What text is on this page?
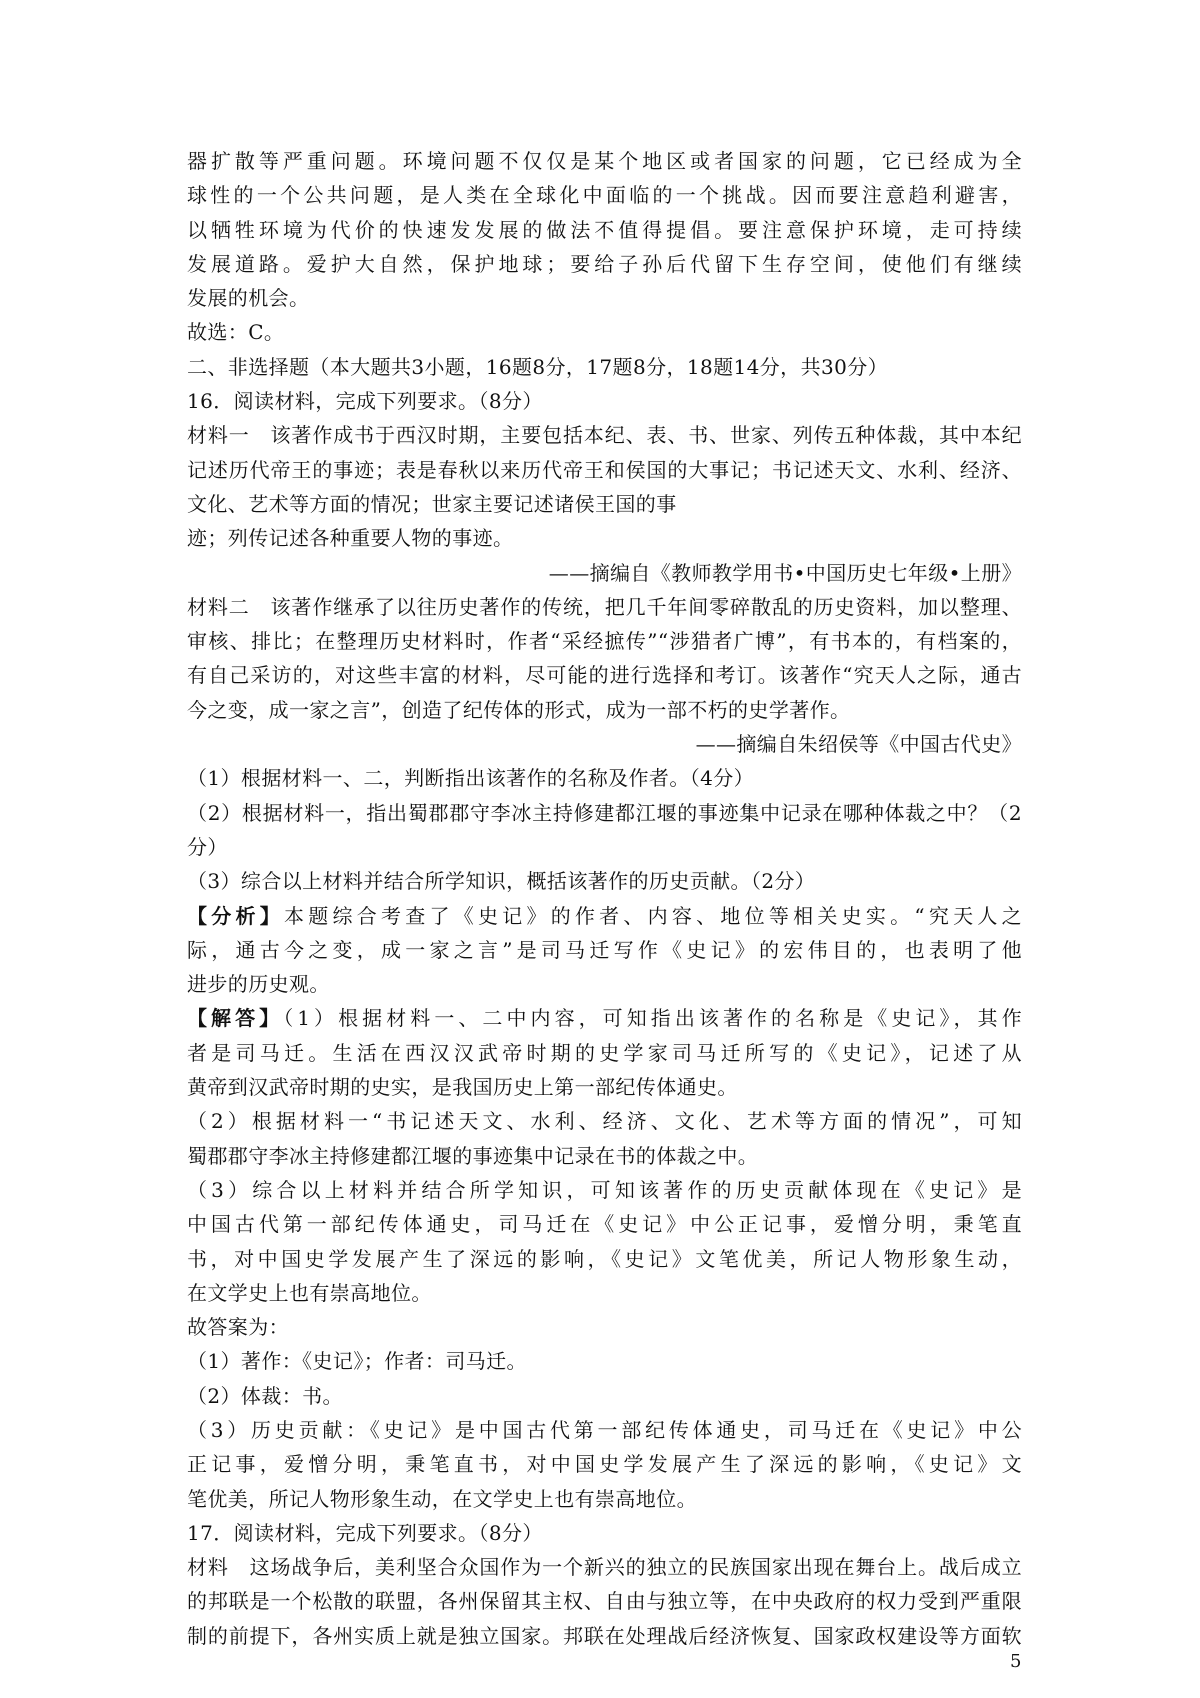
器扩散等严重问题。环境问题不仅仅是某个地区或者国家的问题，它已经成为全
球性的一个公共问题，是人类在全球化中面临的一个挑战。因而要注意趋利避害，
以牺牲环境为代价的快速发发展的做法不值得提倡。要注意保护环境，走可持续
发展道路。爱护大自然，保护地球；要给子孙后代留下生存空间，使他们有继续
发展的机会。
故选：C。
二、非选择题（本大题共3小题，16题8分，17题8分，18题14分，共30分）
16．阅读材料，完成下列要求。（8分）
材料一　该著作成书于西汉时期，主要包括本纪、表、书、世家、列传五种体裁，其中本纪
记述历代帝王的事迹；表是春秋以来历代帝王和侯国的大事记；书记述天文、水利、经济、
文化、艺术等方面的情况；世家主要记述诸侯王国的事
迹；列传记述各种重要人物的事迹。
——摘编自《教师教学用书•中国历史七年级•上册》
材料二　该著作继承了以往历史著作的传统，把几千年间零碎散乱的历史资料，加以整理、
审核、排比；在整理历史材料时，作者“采经摭传”“涉猎者广博”，有书本的，有档案的，
有自己采访的，对这些丰富的材料，尽可能的进行选择和考订。该著作“究天人之际，通古
今之变，成一家之言”，创造了纪传体的形式，成为一部不朽的史学著作。
——摘编自朱绍侯等《中国古代史》
（1）根据材料一、二，判断指出该著作的名称及作者。（4分）
（2）根据材料一，指出蜀郡郡守李冰主持修建都江堰的事迹集中记录在哪种体裁之中？（2
分）
（3）综合以上材料并结合所学知识，概括该著作的历史贡献。（2分）
【分析】本题综合考查了《史记》的作者、内容、地位等相关史实。“究天人之
际，通古今之变，成一家之言”是司马迁写作《史记》的宏伟目的，也表明了他
进步的历史观。
【解答】（1）根据材料一、二中内容，可知指出该著作的名称是《史记》，其作
者是司马迁。生活在西汉汉武帝时期的史学家司马迁所写的《史记》，记述了从
黄帝到汉武帝时期的史实，是我国历史上第一部纪传体通史。
（2）根据材料一“书记述天文、水利、经济、文化、艺术等方面的情况”，可知
蜀郡郡守李冰主持修建都江堰的事迹集中记录在书的体裁之中。
（3）综合以上材料并结合所学知识，可知该著作的历史贡献体现在《史记》是
中国古代第一部纪传体通史，司马迁在《史记》中公正记事，爱憎分明，秉笔直
书，对中国史学发展产生了深远的影响，《史记》文笔优美，所记人物形象生动，
在文学史上也有崇高地位。
故答案为：
（1）著作：《史记》；作者：司马迁。
（2）体裁：书。
（3）历史贡献：《史记》是中国古代第一部纪传体通史，司马迁在《史记》中公
正记事，爱憎分明，秉笔直书，对中国史学发展产生了深远的影响，《史记》文
笔优美，所记人物形象生动，在文学史上也有崇高地位。
17．阅读材料，完成下列要求。（8分）
材料　这场战争后，美利坚合众国作为一个新兴的独立的民族国家出现在舞台上。战后成立
的邦联是一个松散的联盟，各州保留其主权、自由与独立等，在中央政府的权力受到严重限
制的前提下，各州实质上就是独立国家。邦联在处理战后经济恢复、国家政权建设等方面软
5
